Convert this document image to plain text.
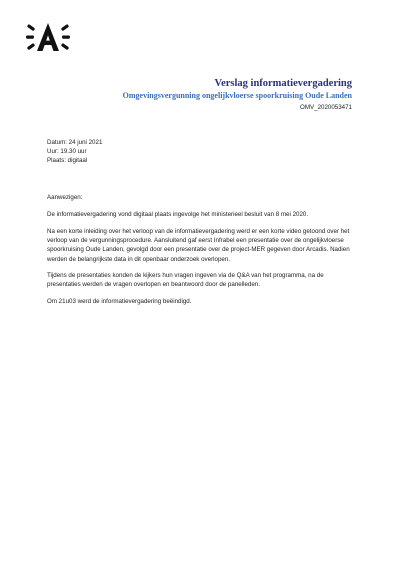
Verslag informatievergadering
Omgevingsvergunning ongelijkvloerse spoorkruising Oude Landen
OMV_2020053471
Datum: 24 juni 2021
Uur: 19.30 uur
Plaats: digitaal

Aanwezigen:

De informatievergadering vond digitaal plaats ingevolge het ministerieel besluit van 8 mei 2020.

Na een korte inleiding over het verloop van de informatievergadering werd er een korte video getoond over het verloop van de vergunningsprocedure. Aansluitend gaf eerst Infrabel een presentatie over de ongelijkvloerse spoorkruising Oude Landen, gevolgd door een presentatie over de project-MER gegeven door Arcadis. Nadien werden de belangrijkste data in dit openbaar onderzoek overlopen.

Tijdens de presentaties konden de kijkers hun vragen ingeven via de Q&A van het programma, na de presentaties werden de vragen overlopen en beantwoord door de panelleden.

Om 21u03 werd de informatievergadering beëindigd.
